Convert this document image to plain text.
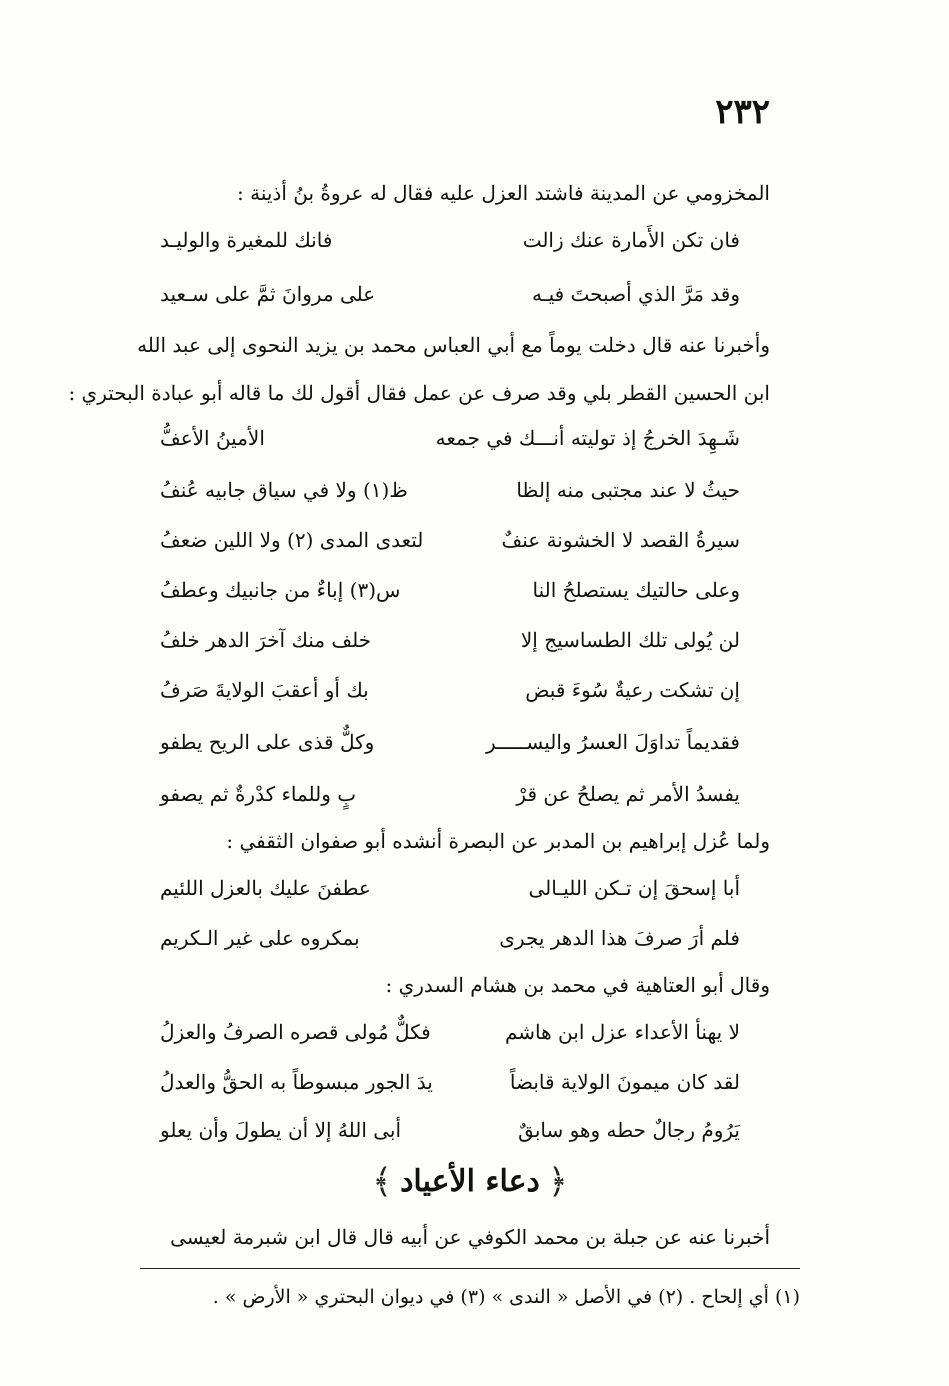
٢٣٢
المخزومي عن المدينة فاشتد العزل عليه فقال له عروةُ بنُ أذينة :
فان تكن الأَمارة عنك زالت
فانك للمغيرة والوليـد
وقد مَرَّ الذي أصبحتَ فيـه
على مروانَ ثمَّ على سـعيد
وأخبرنا عنه قال دخلت يوماً مع أبي العباس محمد بن يزيد النحوى إلى عبد الله
ابن الحسين القطر بلي وقد صرف عن عمل فقال أقول لك ما قاله أبو عبادة البحتري :
شَـهِدَ الخرجُ إذ توليته أنـــك في جمعه
الأمينُ الأعفُّ
حيثُ لا عند مجتبى منه إلظا
ظ(١) ولا في سياق جابيه عُنفُ
سيرةُ القصد لا الخشونة عنفٌ
لتعدى المدى (٢) ولا اللين ضعفُ
وعلى حالتيك يستصلحُ النا
س(٣) إباءٌ من جانبيك وعطفُ
لن يُولى تلك الطساسيج إلا
خلف منك آخرَ الدهر خلفُ
إن تشكت رعيةٌ سُوءَ قبض
بك أو أعقبَ الولايةَ صَرفُ
فقديماً تداوَلَ العسرُ واليســـــر
وكلٌّ قذى على الريح يطفو
يفسدُ الأمر ثم يصلحُ عن قرْ
بٍ وللماء كدْرةٌ ثم يصفو
ولما عُزل إبراهيم بن المدبر عن البصرة أنشده أبو صفوان الثقفي :
أبا إسحقَ إن تـكن الليـالى
عطفنَ عليك بالعزل اللئيم
فلم أرَ صرفَ هذا الدهر يجرى
بمكروه على غير الـكريم
وقال أبو العتاهية في محمد بن هشام السدري :
لا يهنأ الأعداء عزل ابن هاشم
فكلٌّ مُولى قصره الصرفُ والعزلُ
لقد كان ميمونَ الولاية قابضاً
يدَ الجور مبسوطاً به الحقُّ والعدلُ
يَرُومُ رجالٌ حطه وهو سابقٌ
أبى اللهُ إلا أن يطولَ وأن يعلو
﴾ دعاء الأعياد ﴿
أخبرنا عنه عن جبلة بن محمد الكوفي عن أبيه قال قال ابن شبرمة لعيسى
(١) أي إلحاح . (٢) في الأصل « الندى » (٣) في ديوان البحتري « الأرض » .
